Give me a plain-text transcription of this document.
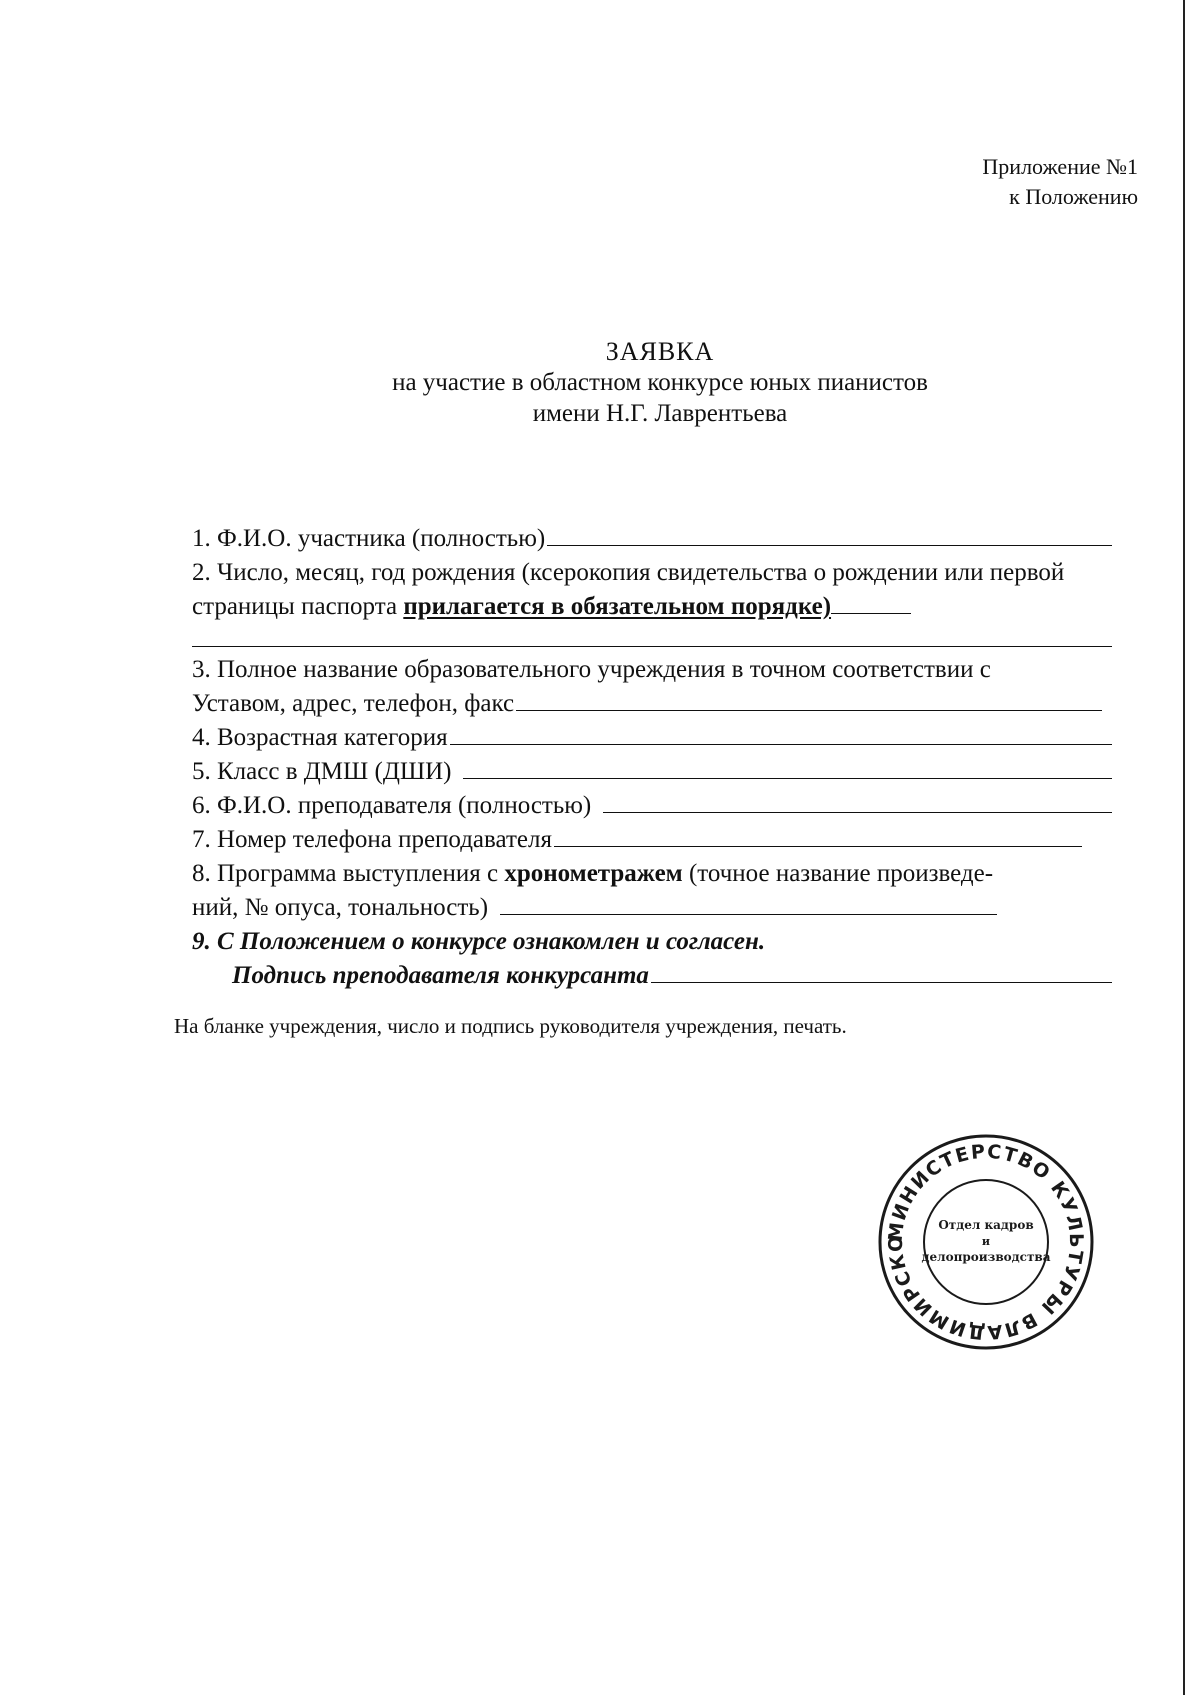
Приложение №1
к Положению
ЗАЯВКА
на участие в областном конкурсе юных пианистов
имени Н.Г. Лаврентьева
1. Ф.И.О. участника (полностью)
2. Число, месяц, год рождения (ксерокопия свидетельства о рождении или первой страницы паспорта прилагается в обязательном порядке)
3. Полное название образовательного учреждения в точном соответствии с
Уставом, адрес, телефон, факс
4. Возрастная категория
5. Класс в ДМШ (ДШИ)
6. Ф.И.О. преподавателя (полностью)
7. Номер телефона преподавателя
8. Программа выступления с хронометражем (точное название произведе-
ний, № опуса, тональность)
9. С Положением о конкурсе ознакомлен и согласен.
Подпись преподавателя конкурсанта
На бланке учреждения, число и подпись руководителя учреждения, печать.
МИНИСТЕРСТВО КУЛЬТУРЫ ВЛАДИМИРСКО
Отдел кадров
и
делопроизводства
